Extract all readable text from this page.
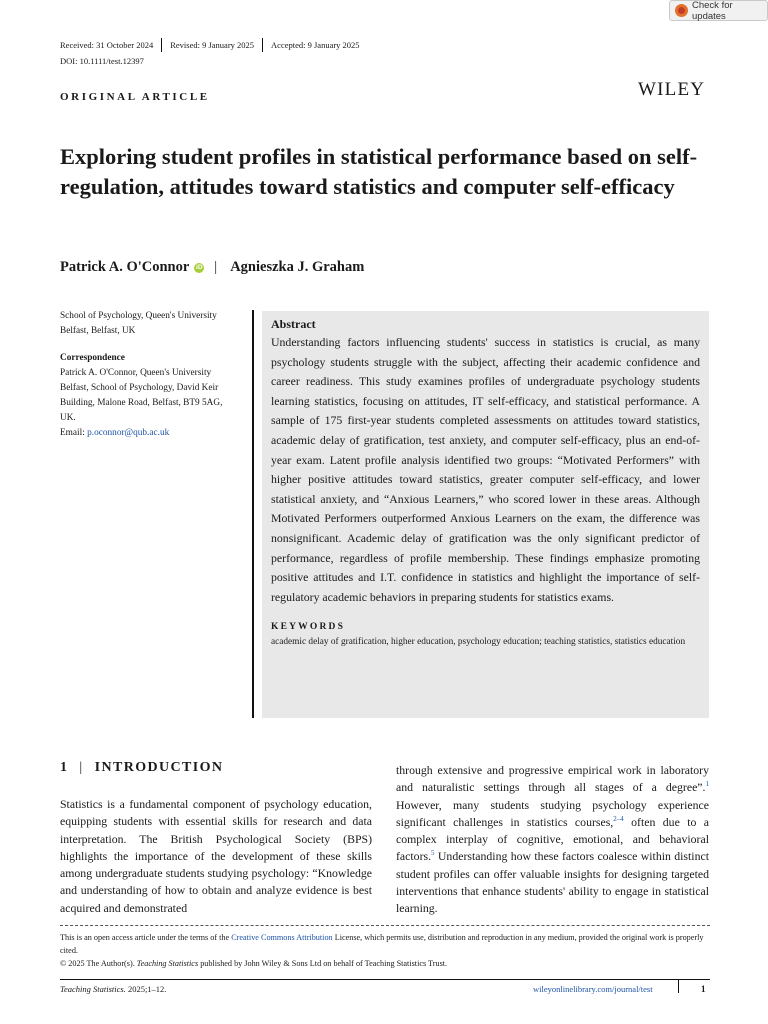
Check for updates
Received: 31 October 2024 Revised: 9 January 2025 Accepted: 9 January 2025
DOI: 10.1111/test.12397
ORIGINAL ARTICLE	WILEY
Exploring student profiles in statistical performance based on self-regulation, attitudes toward statistics and computer self-efficacy
Patrick A. O'Connor iD | Agnieszka J. Graham

School of Psychology, Queen's University Belfast, Belfast, UK

Correspondence

Patrick A. O'Connor, Queen's University Belfast, School of Psychology, David Keir Building, Malone Road, Belfast, BT9 5AG, UK.

Email: p.oconnor@qub.ac.uk

Abstract

Understanding factors influencing students' success in statistics is crucial, as many psychology students struggle with the subject, affecting their academic confidence and career readiness. This study examines profiles of undergraduate psychology students learning statistics, focusing on attitudes, IT self-efficacy, and statistical performance. A sample of 175 first-year students completed assessments on attitudes toward statistics, academic delay of gratification, test anxiety, and computer self-efficacy, plus an end-of-year exam. Latent profile analysis identified two groups: “Motivated Performers” with higher positive attitudes toward statistics, greater computer self-efficacy, and lower statistical anxiety, and “Anxious Learners,” who scored lower in these areas. Although Motivated Performers outperformed Anxious Learners on the exam, the difference was nonsignificant. Academic delay of gratification was the only significant predictor of performance, regardless of profile membership. These findings emphasize promoting positive attitudes and I.T. confidence in statistics and highlight the importance of self-regulatory academic behaviors in preparing students for statistics exams.

KEYWORDS

academic delay of gratification, higher education, psychology education; teaching statistics, statistics education

1 | INTRODUCTION

Statistics is a fundamental component of psychology education, equipping students with essential skills for research and data interpretation. The British Psychological Society (BPS) highlights the importance of the development of these skills among undergraduate students studying psychology: “Knowledge and understanding of how to obtain and analyze evidence is best acquired and demonstrated

through extensive and progressive empirical work in laboratory and naturalistic settings through all stages of a degree”.$^1$ However, many students studying psychology experience significant challenges in statistics courses,$^{2-4}$ often due to a complex interplay of cognitive, emotional, and behavioral factors.$^5$ Understanding how these factors coalesce within distinct student profiles can offer valuable insights for designing targeted interventions that enhance students' ability to engage in statistical learning.

This is an open access article under the terms of the Creative Commons Attribution License, which permits use, distribution and reproduction in any medium, provided the original work is properly cited.

© 2025 The Author(s). Teaching Statistics published by John Wiley & Sons Ltd on behalf of Teaching Statistics Trust.

Teaching Statistics. 2025;1–12.	wileyonlinelibrary.com/journal/test	1
